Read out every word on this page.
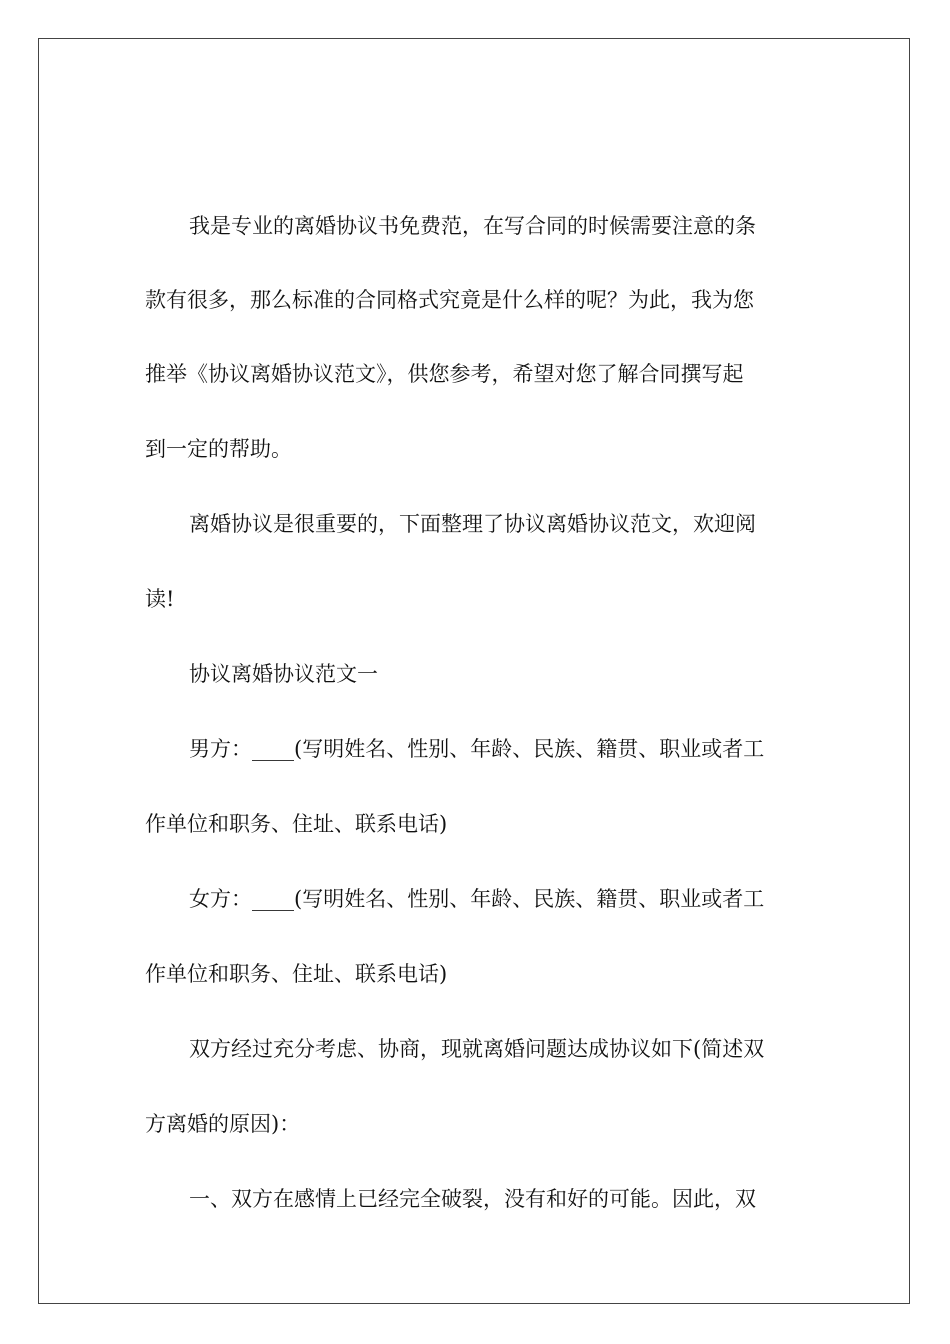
我是专业的离婚协议书免费范，在写合同的时候需要注意的条
款有很多，那么标准的合同格式究竟是什么样的呢？为此，我为您
推举《协议离婚协议范文》，供您参考，希望对您了解合同撰写起
到一定的帮助。
离婚协议是很重要的，下面整理了协议离婚协议范文，欢迎阅
读!
协议离婚协议范文一
男方：____(写明姓名、性别、年龄、民族、籍贯、职业或者工
作单位和职务、住址、联系电话)
女方：____(写明姓名、性别、年龄、民族、籍贯、职业或者工
作单位和职务、住址、联系电话)
双方经过充分考虑、协商，现就离婚问题达成协议如下(简述双
方离婚的原因)：
一、双方在感情上已经完全破裂，没有和好的可能。因此，双
